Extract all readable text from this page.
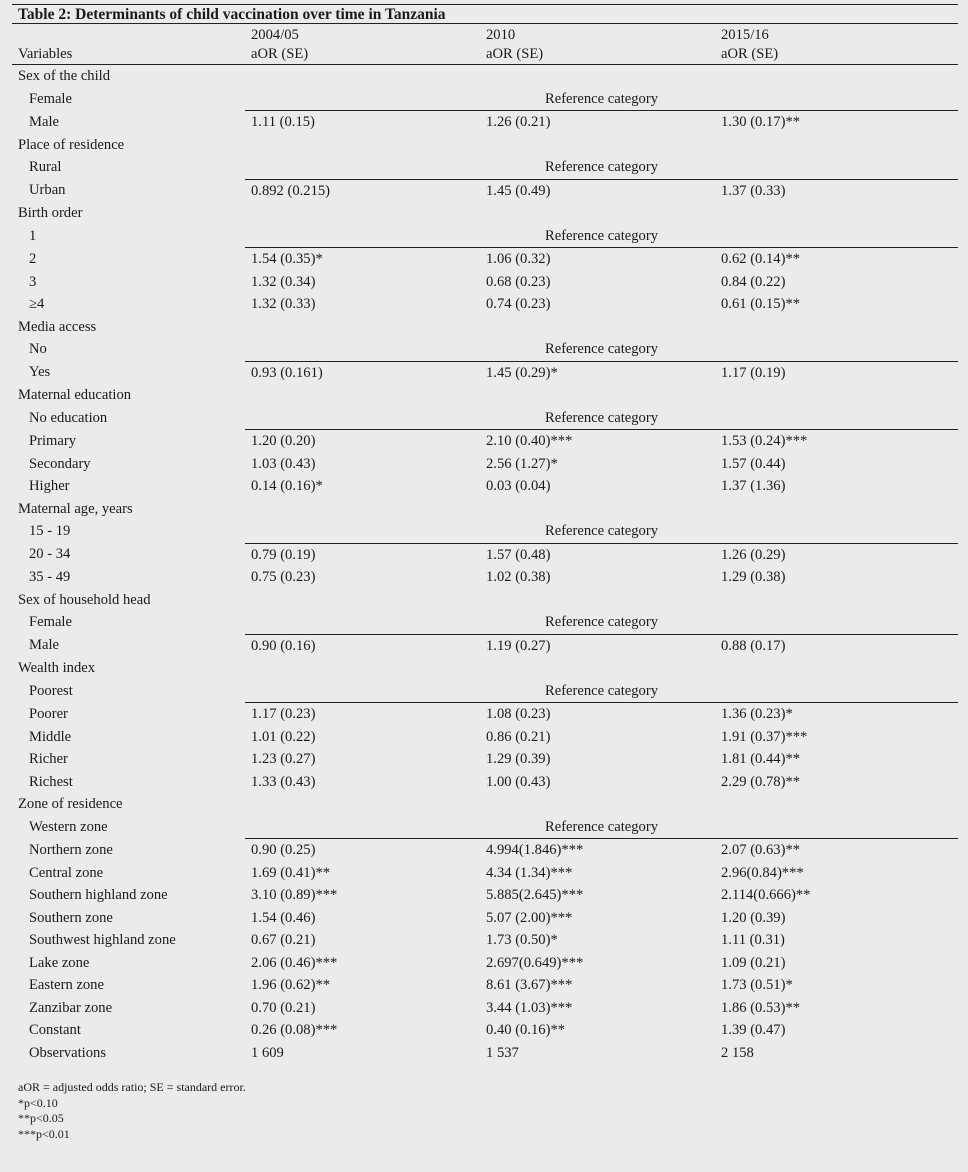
Table 2: Determinants of child vaccination over time in Tanzania
	2004/05	2010	2015/16
Variables	aOR (SE)	aOR (SE)	aOR (SE)
Sex of the child			
Female	Reference category		
Male	1.11 (0.15)	1.26 (0.21)	1.30 (0.17)**
Place of residence			
Rural	Reference category		
Urban	0.892 (0.215)	1.45 (0.49)	1.37 (0.33)
Birth order			
1	Reference category		
2	1.54 (0.35)*	1.06 (0.32)	0.62 (0.14)**
3	1.32 (0.34)	0.68 (0.23)	0.84 (0.22)
≥4	1.32 (0.33)	0.74 (0.23)	0.61 (0.15)**
Media access			
No	Reference category		
Yes	0.93 (0.161)	1.45 (0.29)*	1.17 (0.19)
Maternal education			
No education	Reference category		
Primary	1.20 (0.20)	2.10 (0.40)***	1.53 (0.24)***
Secondary	1.03 (0.43)	2.56 (1.27)*	1.57 (0.44)
Higher	0.14 (0.16)*	0.03 (0.04)	1.37 (1.36)
Maternal age, years			
15 - 19	Reference category		
20 - 34	0.79 (0.19)	1.57 (0.48)	1.26 (0.29)
35 - 49	0.75 (0.23)	1.02 (0.38)	1.29 (0.38)
Sex of household head			
Female	Reference category		
Male	0.90 (0.16)	1.19 (0.27)	0.88 (0.17)
Wealth index			
Poorest	Reference category		
Poorer	1.17 (0.23)	1.08 (0.23)	1.36 (0.23)*
Middle	1.01 (0.22)	0.86 (0.21)	1.91 (0.37)***
Richer	1.23 (0.27)	1.29 (0.39)	1.81 (0.44)**
Richest	1.33 (0.43)	1.00 (0.43)	2.29 (0.78)**
Zone of residence			
Western zone	Reference category		
Northern zone	0.90 (0.25)	4.994(1.846)***	2.07 (0.63)**
Central zone	1.69 (0.41)**	4.34 (1.34)***	2.96(0.84)***
Southern highland zone	3.10 (0.89)***	5.885(2.645)***	2.114(0.666)**
Southern zone	1.54 (0.46)	5.07 (2.00)***	1.20 (0.39)
Southwest highland zone	0.67 (0.21)	1.73 (0.50)*	1.11 (0.31)
Lake zone	2.06 (0.46)***	2.697(0.649)***	1.09 (0.21)
Eastern zone	1.96 (0.62)**	8.61 (3.67)***	1.73 (0.51)*
Zanzibar zone	0.70 (0.21)	3.44 (1.03)***	1.86 (0.53)**
Constant	0.26 (0.08)***	0.40 (0.16)**	1.39 (0.47)
Observations	1 609	1 537	2 158
aOR = adjusted odds ratio; SE = standard error.
*p<0.10
**p<0.05
***p<0.01
